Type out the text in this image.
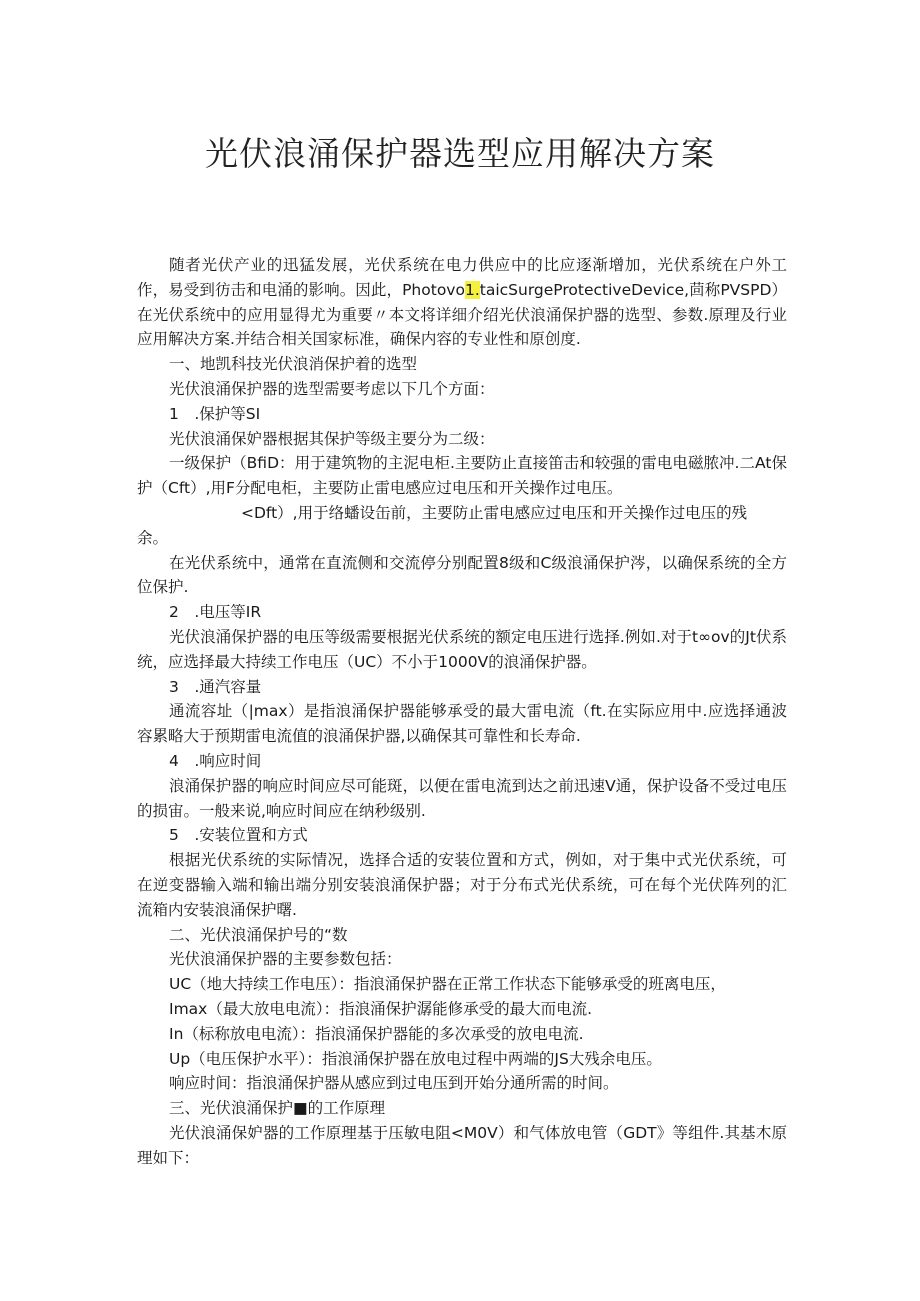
光伏浪涌保护器选型应用解决方案

随者光伏产业的迅猛发展，光伏系统在电力供应中的比应逐渐增加，光伏系统在户外工作，易受到彷击和电涌的影响。因此，Photovo1.taicSurgeProtectiveDevice,茴称PVSPD）在光伏系统中的应用显得尤为重要〃本文将详细介绍光伏浪涌保护器的选型、参数.原理及行业应用解决方案.并结合相关国家标准，确保内容的专业性和原创度.

一、地凯科技光伏浪消保护着的选型

光伏浪涌保护器的选型需要考虑以下几个方面：

1　.保护等SI

光伏浪涌保妒器根据其保护等级主要分为二级：

一级保护（BfiD：用于建筑物的主泥电柜.主要防止直接笛击和较强的雷电电磁脓冲.二At保护（Cft）,用F分配电柜，主要防止雷电感应过电压和开关操作过电压。

<Dft）,用于络蟠设缶前，主要防止雷电感应过电压和开关操作过电压的残

余。

在光伏系统中，通常在直流侧和交流停分别配置8级和C级浪涌保护涔，以确保系统的全方位保护.

2　.电压等IR

光伏浪涌保护器的电压等级需要根据光伏系统的额定电压进行选择.例如.对于t∞ov的Jt伏系统，应选择最大持续工作电压（UC）不小于1000V的浪涌保护器。

3　.通汽容量

通流容址（|max）是指浪涌保护器能够承受的最大雷电流（ft.在实际应用中.应选择通波容累略大于预期雷电流值的浪涌保护器,以确保其可靠性和长寿命.

4　.响应时间

浪涌保护器的响应时间应尽可能斑，以便在雷电流到达之前迅速V通，保护设备不受过电压的损宙。一般来说,响应时间应在纳秒级别.

5　.安装位置和方式

根据光伏系统的实际情况，选择合适的安装位置和方式，例如，对于集中式光伏系统，可在逆变器输入端和输出端分别安装浪涌保护器；对于分布式光伏系统，可在每个光伏阵列的汇流箱内安装浪涌保护曙.

二、光伏浪涌保护号的“数

光伏浪涌保护器的主要参数包括：

UC（地大持续工作电压）：指浪涌保护器在正常工作状态下能够承受的班离电压，

Imax（最大放电电流）：指浪涌保护潺能修承受的最大而电流.

In（标称放电电流）：指浪涌保护器能的多次承受的放电电流.

Up（电压保护水平）：指浪涌保护器在放电过程中两端的JS大残余电压。

响应时间：指浪涌保护器从感应到过电压到开始分通所需的时间。

三、光伏浪涌保护■的工作原理

光伏浪涌保妒器的工作原理基于压敏电阻<M0V）和气体放电管（GDT》等组件.其基木原理如下：
